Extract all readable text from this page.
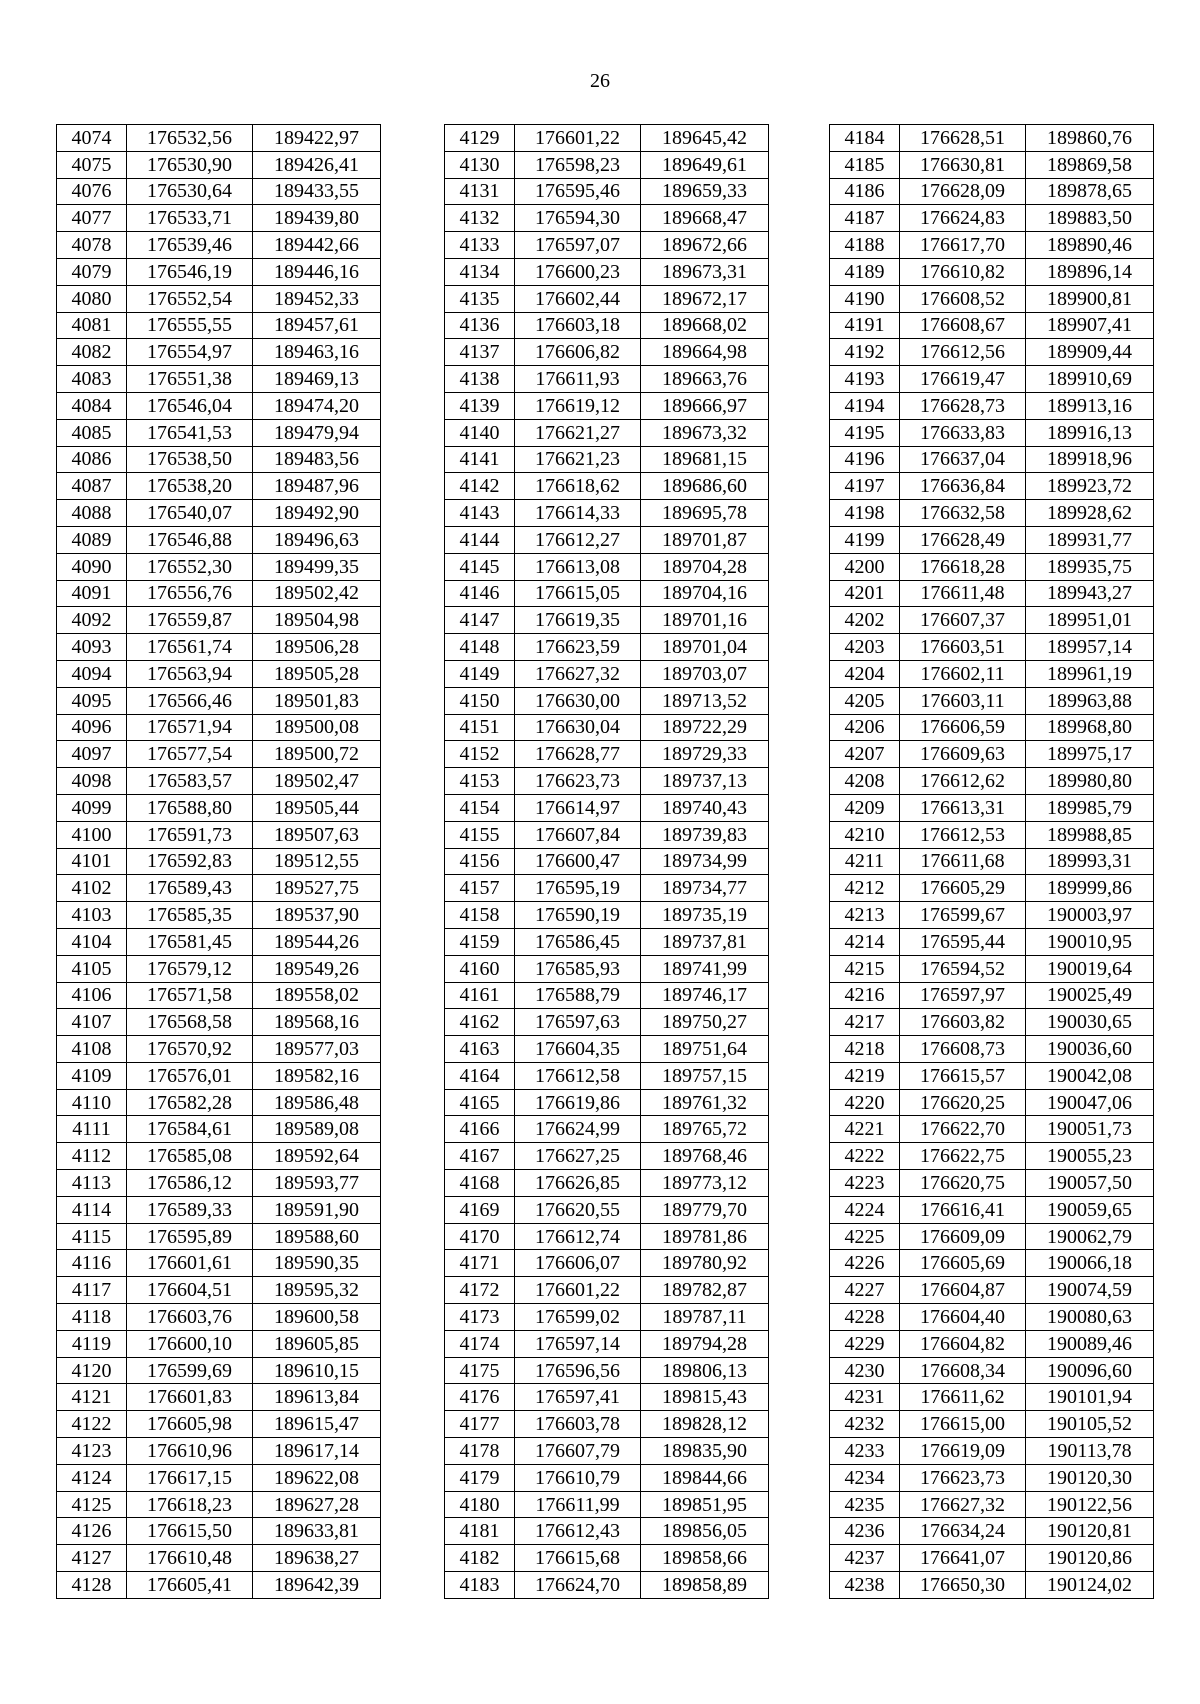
26
4074	176532,56	189422,97
4075	176530,90	189426,41
4076	176530,64	189433,55
4077	176533,71	189439,80
4078	176539,46	189442,66
4079	176546,19	189446,16
4080	176552,54	189452,33
4081	176555,55	189457,61
4082	176554,97	189463,16
4083	176551,38	189469,13
4084	176546,04	189474,20
4085	176541,53	189479,94
4086	176538,50	189483,56
4087	176538,20	189487,96
4088	176540,07	189492,90
4089	176546,88	189496,63
4090	176552,30	189499,35
4091	176556,76	189502,42
4092	176559,87	189504,98
4093	176561,74	189506,28
4094	176563,94	189505,28
4095	176566,46	189501,83
4096	176571,94	189500,08
4097	176577,54	189500,72
4098	176583,57	189502,47
4099	176588,80	189505,44
4100	176591,73	189507,63
4101	176592,83	189512,55
4102	176589,43	189527,75
4103	176585,35	189537,90
4104	176581,45	189544,26
4105	176579,12	189549,26
4106	176571,58	189558,02
4107	176568,58	189568,16
4108	176570,92	189577,03
4109	176576,01	189582,16
4110	176582,28	189586,48
4111	176584,61	189589,08
4112	176585,08	189592,64
4113	176586,12	189593,77
4114	176589,33	189591,90
4115	176595,89	189588,60
4116	176601,61	189590,35
4117	176604,51	189595,32
4118	176603,76	189600,58
4119	176600,10	189605,85
4120	176599,69	189610,15
4121	176601,83	189613,84
4122	176605,98	189615,47
4123	176610,96	189617,14
4124	176617,15	189622,08
4125	176618,23	189627,28
4126	176615,50	189633,81
4127	176610,48	189638,27
4128	176605,41	189642,39
4129	176601,22	189645,42
4130	176598,23	189649,61
4131	176595,46	189659,33
4132	176594,30	189668,47
4133	176597,07	189672,66
4134	176600,23	189673,31
4135	176602,44	189672,17
4136	176603,18	189668,02
4137	176606,82	189664,98
4138	176611,93	189663,76
4139	176619,12	189666,97
4140	176621,27	189673,32
4141	176621,23	189681,15
4142	176618,62	189686,60
4143	176614,33	189695,78
4144	176612,27	189701,87
4145	176613,08	189704,28
4146	176615,05	189704,16
4147	176619,35	189701,16
4148	176623,59	189701,04
4149	176627,32	189703,07
4150	176630,00	189713,52
4151	176630,04	189722,29
4152	176628,77	189729,33
4153	176623,73	189737,13
4154	176614,97	189740,43
4155	176607,84	189739,83
4156	176600,47	189734,99
4157	176595,19	189734,77
4158	176590,19	189735,19
4159	176586,45	189737,81
4160	176585,93	189741,99
4161	176588,79	189746,17
4162	176597,63	189750,27
4163	176604,35	189751,64
4164	176612,58	189757,15
4165	176619,86	189761,32
4166	176624,99	189765,72
4167	176627,25	189768,46
4168	176626,85	189773,12
4169	176620,55	189779,70
4170	176612,74	189781,86
4171	176606,07	189780,92
4172	176601,22	189782,87
4173	176599,02	189787,11
4174	176597,14	189794,28
4175	176596,56	189806,13
4176	176597,41	189815,43
4177	176603,78	189828,12
4178	176607,79	189835,90
4179	176610,79	189844,66
4180	176611,99	189851,95
4181	176612,43	189856,05
4182	176615,68	189858,66
4183	176624,70	189858,89
4184	176628,51	189860,76
4185	176630,81	189869,58
4186	176628,09	189878,65
4187	176624,83	189883,50
4188	176617,70	189890,46
4189	176610,82	189896,14
4190	176608,52	189900,81
4191	176608,67	189907,41
4192	176612,56	189909,44
4193	176619,47	189910,69
4194	176628,73	189913,16
4195	176633,83	189916,13
4196	176637,04	189918,96
4197	176636,84	189923,72
4198	176632,58	189928,62
4199	176628,49	189931,77
4200	176618,28	189935,75
4201	176611,48	189943,27
4202	176607,37	189951,01
4203	176603,51	189957,14
4204	176602,11	189961,19
4205	176603,11	189963,88
4206	176606,59	189968,80
4207	176609,63	189975,17
4208	176612,62	189980,80
4209	176613,31	189985,79
4210	176612,53	189988,85
4211	176611,68	189993,31
4212	176605,29	189999,86
4213	176599,67	190003,97
4214	176595,44	190010,95
4215	176594,52	190019,64
4216	176597,97	190025,49
4217	176603,82	190030,65
4218	176608,73	190036,60
4219	176615,57	190042,08
4220	176620,25	190047,06
4221	176622,70	190051,73
4222	176622,75	190055,23
4223	176620,75	190057,50
4224	176616,41	190059,65
4225	176609,09	190062,79
4226	176605,69	190066,18
4227	176604,87	190074,59
4228	176604,40	190080,63
4229	176604,82	190089,46
4230	176608,34	190096,60
4231	176611,62	190101,94
4232	176615,00	190105,52
4233	176619,09	190113,78
4234	176623,73	190120,30
4235	176627,32	190122,56
4236	176634,24	190120,81
4237	176641,07	190120,86
4238	176650,30	190124,02
